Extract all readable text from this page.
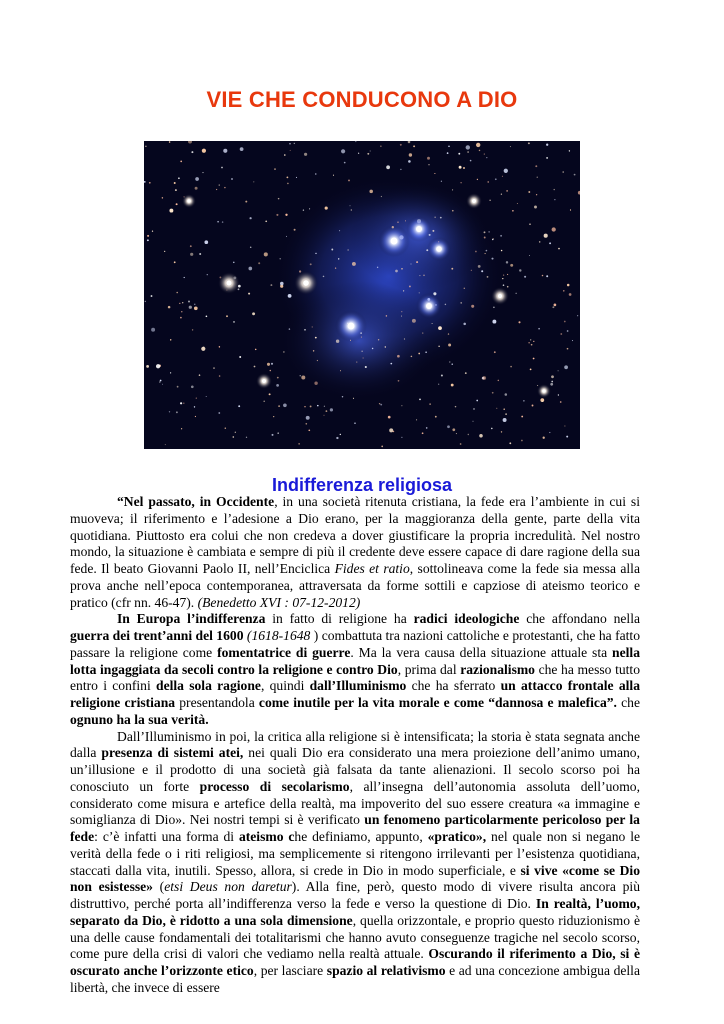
VIE CHE CONDUCONO A DIO
Indifferenza religiosa

“Nel passato, in Occidente, in una società ritenuta cristiana, la fede era l’ambiente in cui si muoveva; il riferimento e l’adesione a Dio erano, per la maggioranza della gente, parte della vita quotidiana. Piuttosto era colui che non credeva a dover giustificare la propria incredulità. Nel nostro mondo, la situazione è cambiata e sempre di più il credente deve essere capace di dare ragione della sua fede. Il beato Giovanni Paolo II, nell’Enciclica Fides et ratio, sottolineava come la fede sia messa alla prova anche nell’epoca contemporanea, attraversata da forme sottili e capziose di ateismo teorico e pratico (cfr nn. 46-47). (Benedetto XVI : 07-12-2012)

In Europa l’indifferenza in fatto di religione ha radici ideologiche che affondano nella guerra dei trent’anni del 1600 (1618-1648 ) combattuta tra nazioni cattoliche e protestanti, che ha fatto passare la religione come fomentatrice di guerre. Ma la vera causa della situazione attuale sta nella lotta ingaggiata da secoli contro la religione e contro Dio, prima dal razionalismo che ha messo tutto entro i confini della sola ragione, quindi dall’Illuminismo che ha sferrato un attacco frontale alla religione cristiana presentandola come inutile per la vita morale e come “dannosa e malefica”. che ognuno ha la sua verità.

Dall’Illuminismo in poi, la critica alla religione si è intensificata; la storia è stata segnata anche dalla presenza di sistemi atei, nei quali Dio era considerato una mera proiezione dell’animo umano, un’illusione e il prodotto di una società già falsata da tante alienazioni. Il secolo scorso poi ha conosciuto un forte processo di secolarismo, all’insegna dell’autonomia assoluta dell’uomo, considerato come misura e artefice della realtà, ma impoverito del suo essere creatura «a immagine e somiglianza di Dio». Nei nostri tempi si è verificato un fenomeno particolarmente pericoloso per la fede: c’è infatti una forma di ateismo che definiamo, appunto, «pratico», nel quale non si negano le verità della fede o i riti religiosi, ma semplicemente si ritengono irrilevanti per l’esistenza quotidiana, staccati dalla vita, inutili. Spesso, allora, si crede in Dio in modo superficiale, e si vive «come se Dio non esistesse» (etsi Deus non daretur). Alla fine, però, questo modo di vivere risulta ancora più distruttivo, perché porta all’indifferenza verso la fede e verso la questione di Dio. In realtà, l’uomo, separato da Dio, è ridotto a una sola dimensione, quella orizzontale, e proprio questo riduzionismo è una delle cause fondamentali dei totalitarismi che hanno avuto conseguenze tragiche nel secolo scorso, come pure della crisi di valori che vediamo nella realtà attuale. Oscurando il riferimento a Dio, si è oscurato anche l’orizzonte etico, per lasciare spazio al relativismo e ad una concezione ambigua della libertà, che invece di essere
